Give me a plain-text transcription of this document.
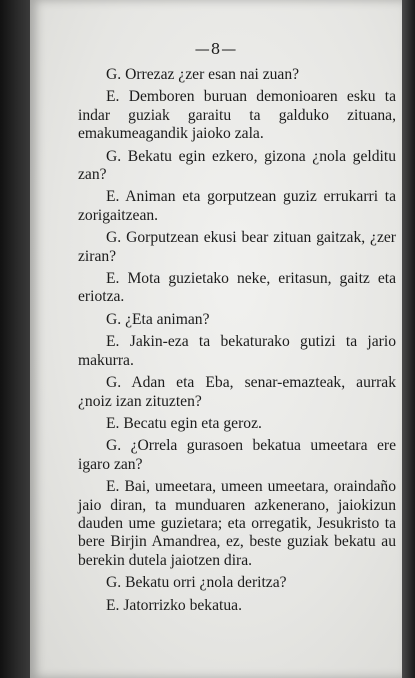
—8—

G. Orrezaz ¿zer esan nai zuan?

E. Demboren buruan demonioaren esku ta indar guziak garaitu ta galduko zituana, emakumeagandik jaioko zala.

G. Bekatu egin ezkero, gizona ¿nola gelditu zan?

E. Animan eta gorputzean guziz errukarri ta zorigaitzean.

G. Gorputzean ekusi bear zituan gaitzak, ¿zer ziran?

E. Mota guzietako neke, eritasun, gaitz eta eriotza.

G. ¿Eta animan?

E. Jakin-eza ta bekaturako gutizi ta jario makurra.

G. Adan eta Eba, senar-emazteak, aurrak ¿noiz izan zituzten?

E. Becatu egin eta geroz.

G. ¿Orrela gurasoen bekatua umeetara ere igaro zan?

E. Bai, umeetara, umeen umeetara, oraindaño jaio diran, ta munduaren azkenerano, jaiokizun dauden ume guzietara; eta orregatik, Jesukristo ta bere Birjin Amandrea, ez, beste guziak bekatu au berekin dutela jaiotzen dira.

G. Bekatu orri ¿nola deritza?

E. Jatorrizko bekatua.
